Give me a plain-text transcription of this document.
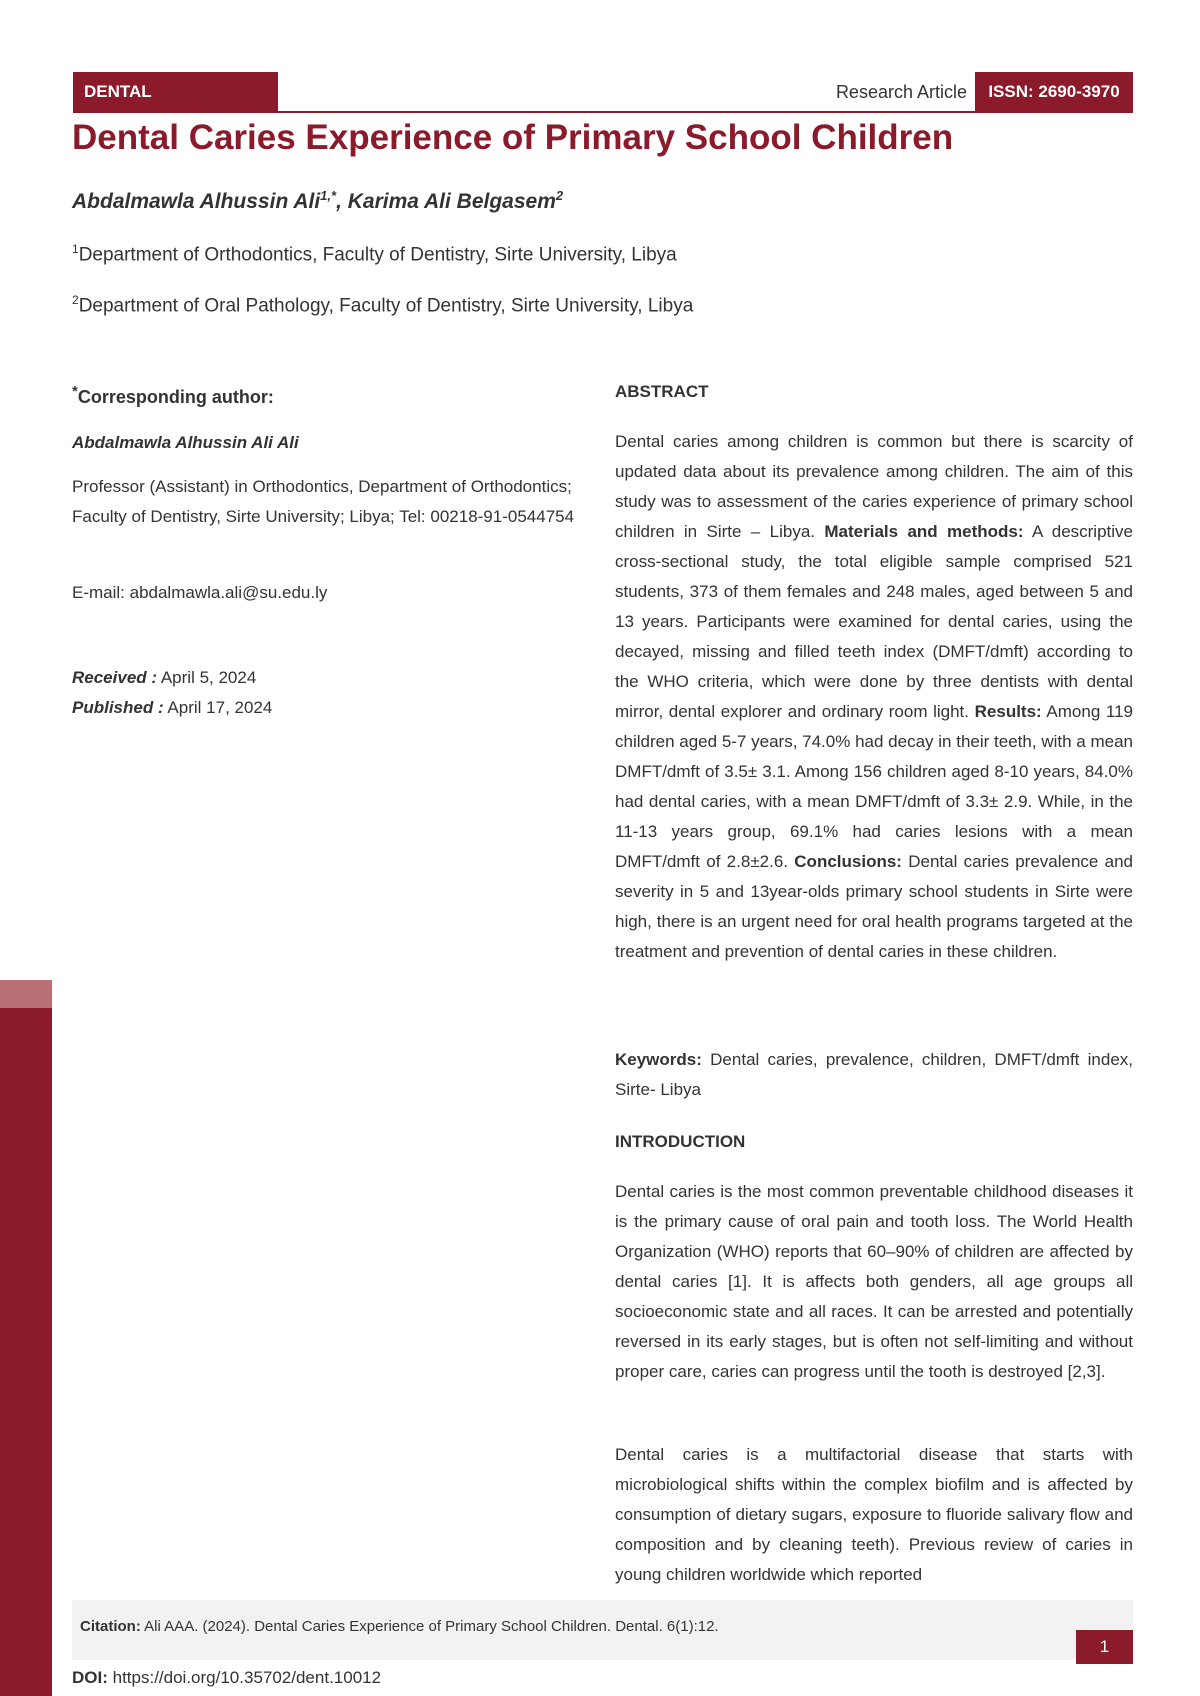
DENTAL	Research Article	ISSN: 2690-3970
Dental Caries Experience of Primary School Children
Abdalmawla Alhussin Ali$^{1,*}$, Karima Ali Belgasem$^2$
$^1$Department of Orthodontics, Faculty of Dentistry, Sirte University, Libya
$^2$Department of Oral Pathology, Faculty of Dentistry, Sirte University, Libya
*Corresponding author:
Abdalmawla Alhussin Ali Ali
Professor (Assistant) in Orthodontics, Department of Orthodontics; Faculty of Dentistry, Sirte University; Libya; Tel: 00218-91-0544754
E-mail: abdalmawla.ali@su.edu.ly
Received : April 5, 2024
Published : April 17, 2024
ABSTRACT
Dental caries among children is common but there is scarcity of updated data about its prevalence among children. The aim of this study was to assessment of the caries experience of primary school children in Sirte – Libya. Materials and methods: A descriptive cross-sectional study, the total eligible sample comprised 521 students, 373 of them females and 248 males, aged between 5 and 13 years. Participants were examined for dental caries, using the decayed, missing and filled teeth index (DMFT/dmft) according to the WHO criteria, which were done by three dentists with dental mirror, dental explorer and ordinary room light. Results: Among 119 children aged 5-7 years, 74.0% had decay in their teeth, with a mean DMFT/dmft of 3.5± 3.1. Among 156 children aged 8-10 years, 84.0% had dental caries, with a mean DMFT/dmft of 3.3± 2.9. While, in the 11-13 years group, 69.1% had caries lesions with a mean DMFT/dmft of 2.8±2.6. Conclusions: Dental caries prevalence and severity in 5 and 13year-olds primary school students in Sirte were high, there is an urgent need for oral health programs targeted at the treatment and prevention of dental caries in these children.
Keywords: Dental caries, prevalence, children, DMFT/dmft index, Sirte- Libya
INTRODUCTION
Dental caries is the most common preventable childhood diseases it is the primary cause of oral pain and tooth loss. The World Health Organization (WHO) reports that 60–90% of children are affected by dental caries [1]. It is affects both genders, all age groups all socioeconomic state and all races. It can be arrested and potentially reversed in its early stages, but is often not self-limiting and without proper care, caries can progress until the tooth is destroyed [2,3].
Dental caries is a multifactorial disease that starts with microbiological shifts within the complex biofilm and is affected by consumption of dietary sugars, exposure to fluoride salivary flow and composition and by cleaning teeth). Previous review of caries in young children worldwide which reported
Citation: Ali AAA. (2024). Dental Caries Experience of Primary School Children. Dental. 6(1):12.
1
DOI: https://doi.org/10.35702/dent.10012
